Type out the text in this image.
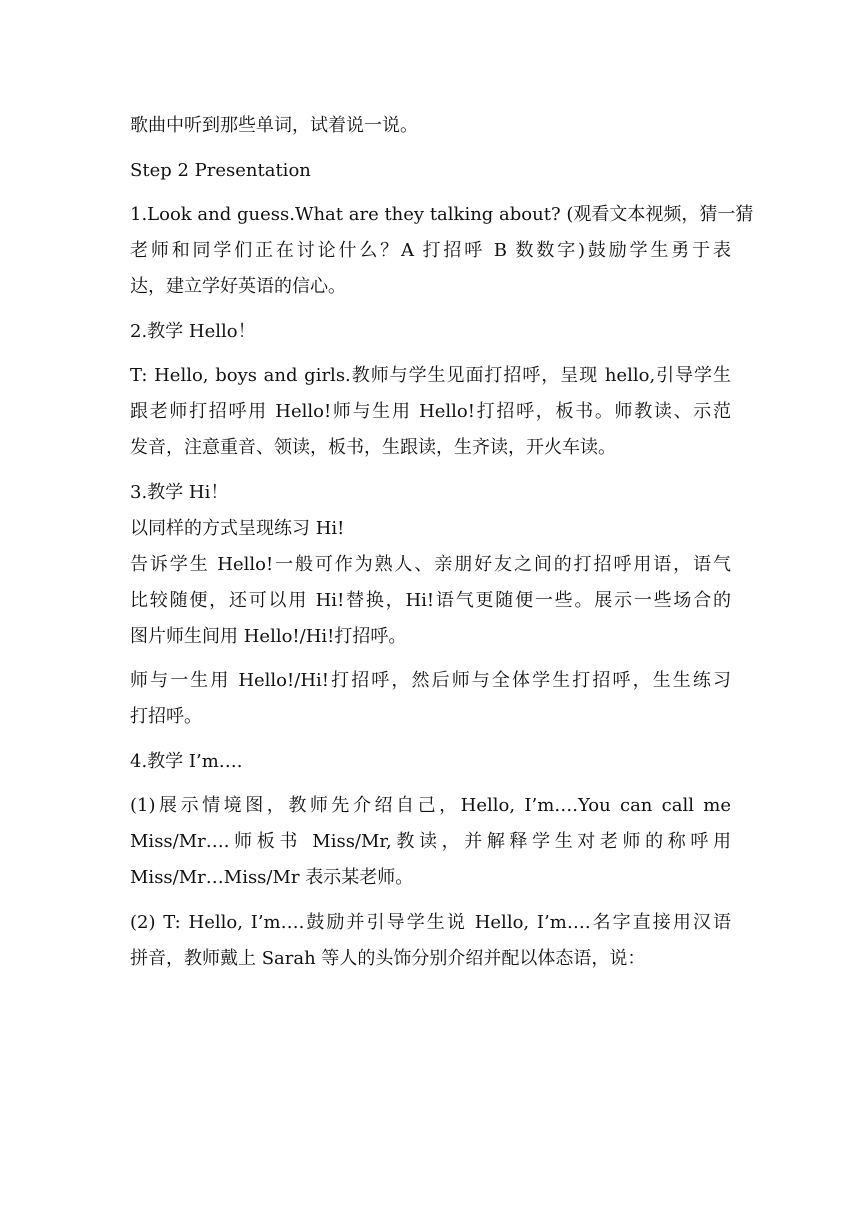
歌曲中听到那些单词，试着说一说。

Step 2 Presentation

1.Look and guess.What are they talking about? (观看文本视频，猜一猜

老师和同学们正在讨论什么？A 打招呼 B 数数字)鼓励学生勇于表

达，建立学好英语的信心。

2.教学 Hello！

T: Hello, boys and girls.教师与学生见面打招呼，呈现 hello,引导学生

跟老师打招呼用 Hello!师与生用 Hello!打招呼，板书。师教读、示范

发音，注意重音、领读，板书，生跟读，生齐读，开火车读。

3.教学 Hi！

以同样的方式呈现练习 Hi!

告诉学生 Hello!一般可作为熟人、亲朋好友之间的打招呼用语，语气

比较随便，还可以用 Hi!替换，Hi!语气更随便一些。展示一些场合的

图片师生间用 Hello!/Hi!打招呼。

师与一生用 Hello!/Hi!打招呼，然后师与全体学生打招呼，生生练习

打招呼。

4.教学 I’m….

(1)展示情境图，教师先介绍自己，Hello, I’m….You can call me

Miss/Mr….师板书 Miss/Mr,教读，并解释学生对老师的称呼用

Miss/Mr…Miss/Mr 表示某老师。

(2) T: Hello, I’m….鼓励并引导学生说 Hello, I’m….名字直接用汉语

拼音，教师戴上 Sarah 等人的头饰分别介绍并配以体态语，说：
